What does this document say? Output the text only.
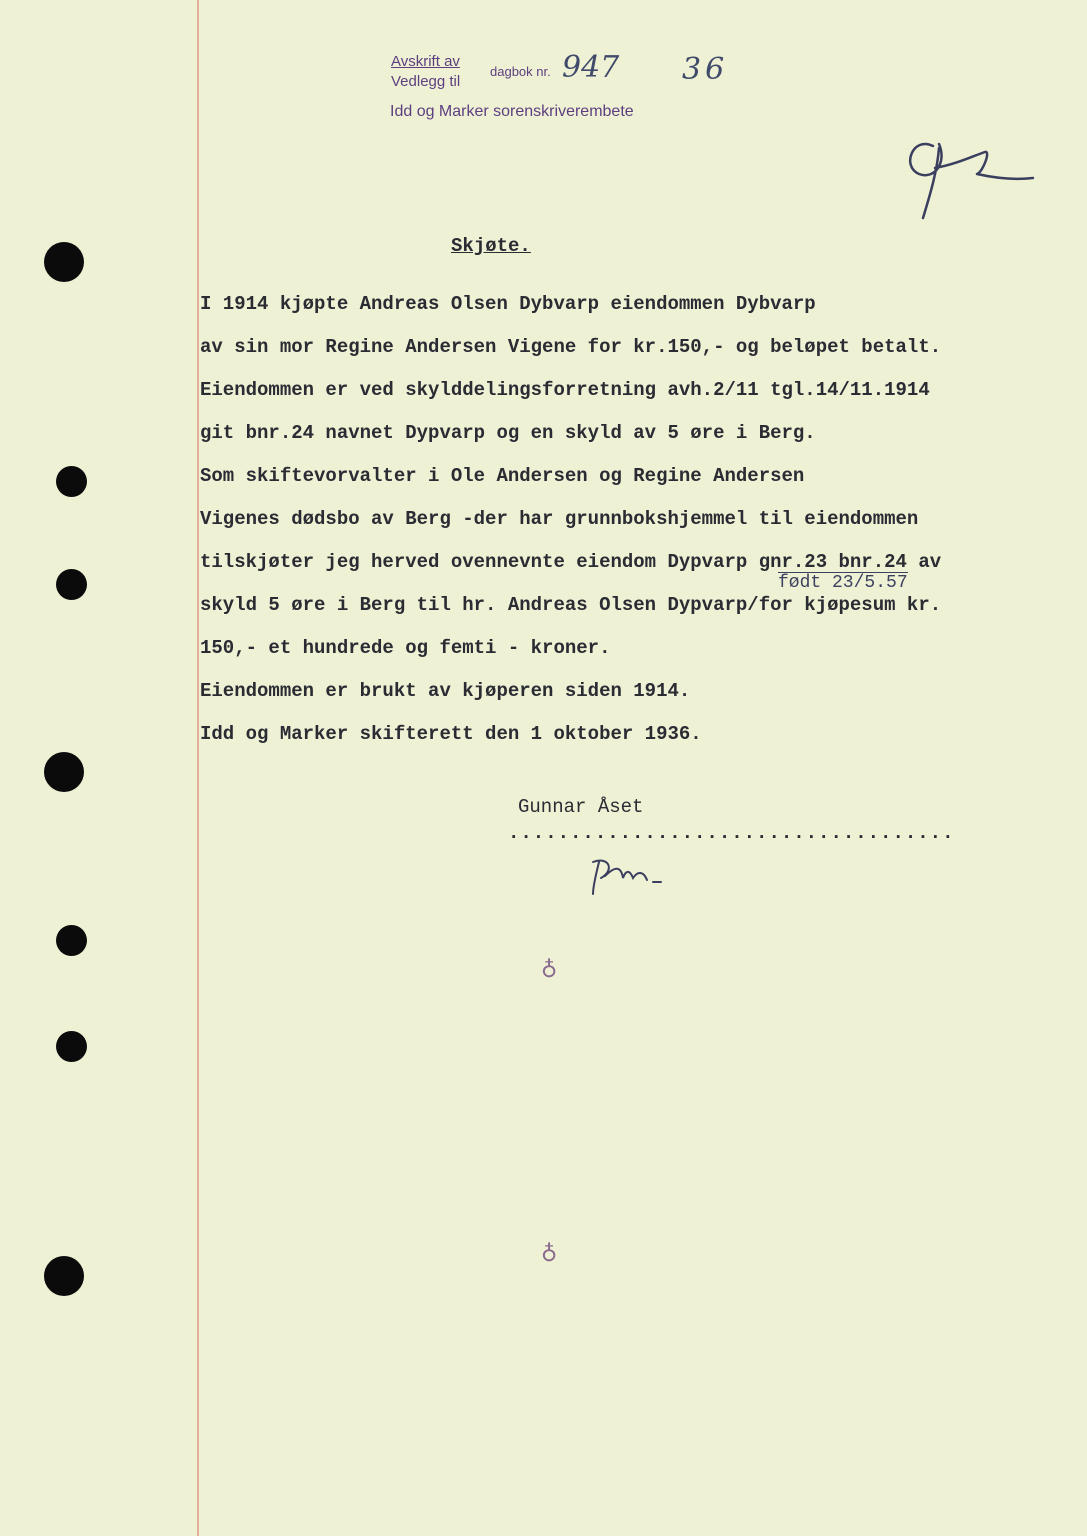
Avskrift av
Vedlegg til
dagbok nr.
Idd og Marker sorenskriverembete
947 36
Skjøte.
I 1914 kjøpte Andreas Olsen Dybvarp eiendommen Dybvarp
av sin mor Regine Andersen Vigene for kr.150,- og beløpet betalt.
Eiendommen er ved skylddelingsforretning avh.2/11 tgl.14/11.1914
git bnr.24 navnet Dypvarp og en skyld av 5 øre i Berg.
Som skiftevorvalter i Ole Andersen og Regine Andersen
Vigenes dødsbo av Berg -der har grunnbokshjemmel til eiendommen
tilskjøter jeg herved ovennevnte eiendom Dypvarp gnr.23 bnr.24 av
født 23/5.57
skyld 5 øre i Berg til hr. Andreas Olsen Dypvarp/for kjøpesum kr.
150,- et hundrede og femti - kroner.
Eiendommen er brukt av kjøperen siden 1914.
Idd og Marker skifterett den 1 oktober 1936.
Gunnar Åset
....................................
♁
♁
